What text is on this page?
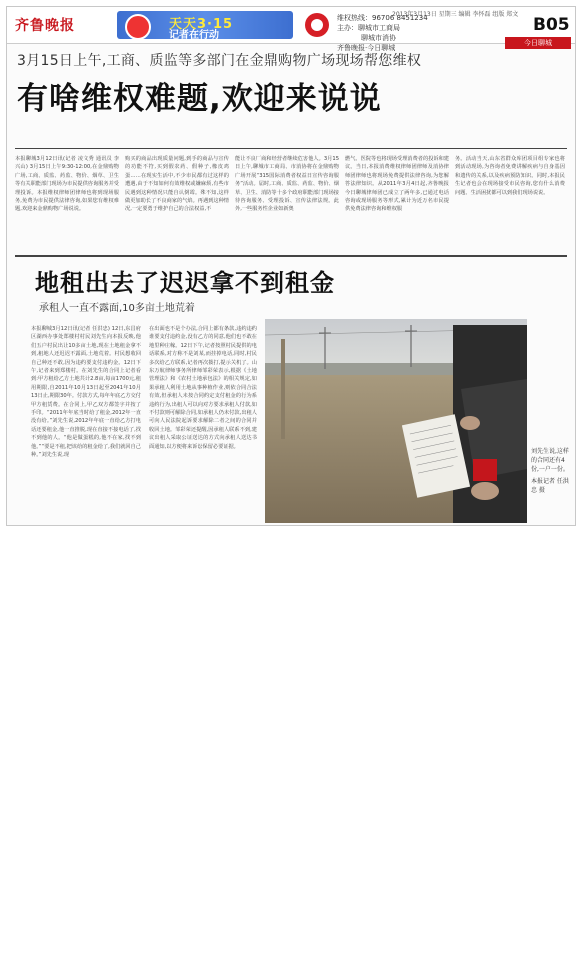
齐鲁晚报	天天3·15
记者在行动
维权热线：96706 8451234
主办：聊城市工商局
聊城市消协
齐鲁晚报·今日聊城
2013年3月13日 星期三 编辑 李怀磊 组版 郑文
B05
今日聊城
3月15日上午,工商、质监等多部门在金鼎购物广场现场帮您维权
有啥维权难题,欢迎来说说
本报聊城3月12日讯(记者 凌文秀 通讯员 李兴山) 3月15日上午9:30-12:00,在金鼎购物广场,工商、质监、药监、物价、烟草、卫生等有关职能部门现场为市民提供咨询服务并受理投诉。本报维权律师团律师也将到现场服务,免费为市民提供法律咨询,如果您有维权难题,欢迎来金鼎购物广场说说。
购买的商品出现质量问题,到手的商品与宣传的功能不符,买到假农药、假种子,橡皮鸡蛋……在现实生活中,不少市民都有过这样的遭遇,由于不知如何有效维权或嫌麻烦,有些市民遇到这种情况只能自认倒霉。殊不知,这样做更加助长了不良商家的气焰。再遇到这种情况,一定要勇于维护自己的合法权益,不
能让不良厂商和经营者继续危害他人。3月15日上午,聊城市工商局、市消协将在金鼎购物广场开展“315国际消费者权益日宣传咨询服务”活动。届时,工商、质监、药监、物价、烟草、卫生、消防等十多个政府职能部门现场接待咨询服务、受理投诉、宣传法律法规。此外,一些服务性企业如新奥
燃气、医院等也将现场受理消费者的投诉和建议。当日,本报消费维权律师团律师及消协律师团律师也将现场免费提供法律咨询,为您解答法律知识。从2011年3月4日起,齐鲁晚报今日聊城律师团已成立了两年多,已通过电话咨询或现场服务等形式,累计为近万名市民提供免费法律咨询和维权服
务。活动当天,山东省群众库团项目组专家也将到活动现场,为咨询者免费讲解疾病与自身基因和遗传的关系,以及疾病预防知识。同时,本报民生记者也会在现场接受市民咨询,您有什么消费问题、生活困扰都可以到我们现场说说。
地租出去了迟迟拿不到租金
承租人一直不露面,10多亩土地荒着
本报聊城3月12日讯(记者 任洪忠) 12日,东昌府区湖西办事处郑楼村村民刘先生向本报反映,他们五户村民出让10多亩土地,现在土地租金拿不到,租地人还迟迟不露面,土地荒着。村民想收回自己种还不敢,因为违约要支付违约金。12日下午,记者来到郑楼村。在刘先生的合同上记者看到:甲方租给乙方土地共计2.8亩,每亩1700元,租用期限,自2011年10月13日起至2041年10月13日止,期限30年。付款方式,每年年底乙方交付甲方租赁费。在合同上,甲乙双方都签字并按了手印。“2011年年底当时给了租金,2012年一直没有给。”刘先生说,2012年年底一直给乙方打电话还要租金,他一直推脱,现在直接不接电话了,找不到他的人。“他是做蛋糕的,他不在家,找不到他。”“要是不租,把该给的租金给了,我们就回自己种。”刘先生说,现
在出面也不是个办法,合同上都有条款,违约违约谁要支付违约金,没有乙方的同意,他们也不敢在地里种庄稼。12日下午,记者按照村民提供的电话联系,对方称不是刘某,而挂掉电话,同时,村民多次给乙方联系,记者再次拨打,提示关机了。山东万航律师事务所律师邹彩荣表示,根据《土地管理法》和《农村土地承包法》的相关规定,如果承租人利用土地从事种植作业,则依合同合法有效,但承租人未按合同约定支付租金的行为系违约行为,出租人可以向对方要求承租人付款,如不付款则可解除合同,如承租人仍未付款,出租人可向人民法院起诉要求解除二者之间的合同并收回土地。邹彩荣还提醒,因承租人联系不到,建议出租人采取公证送达的方式向承租人送达书面通知,以方便将来诉讼保留必要证据。
刘先生说,这样的合同还有4份,一户一份。
本报记者 任洪忠 摄
